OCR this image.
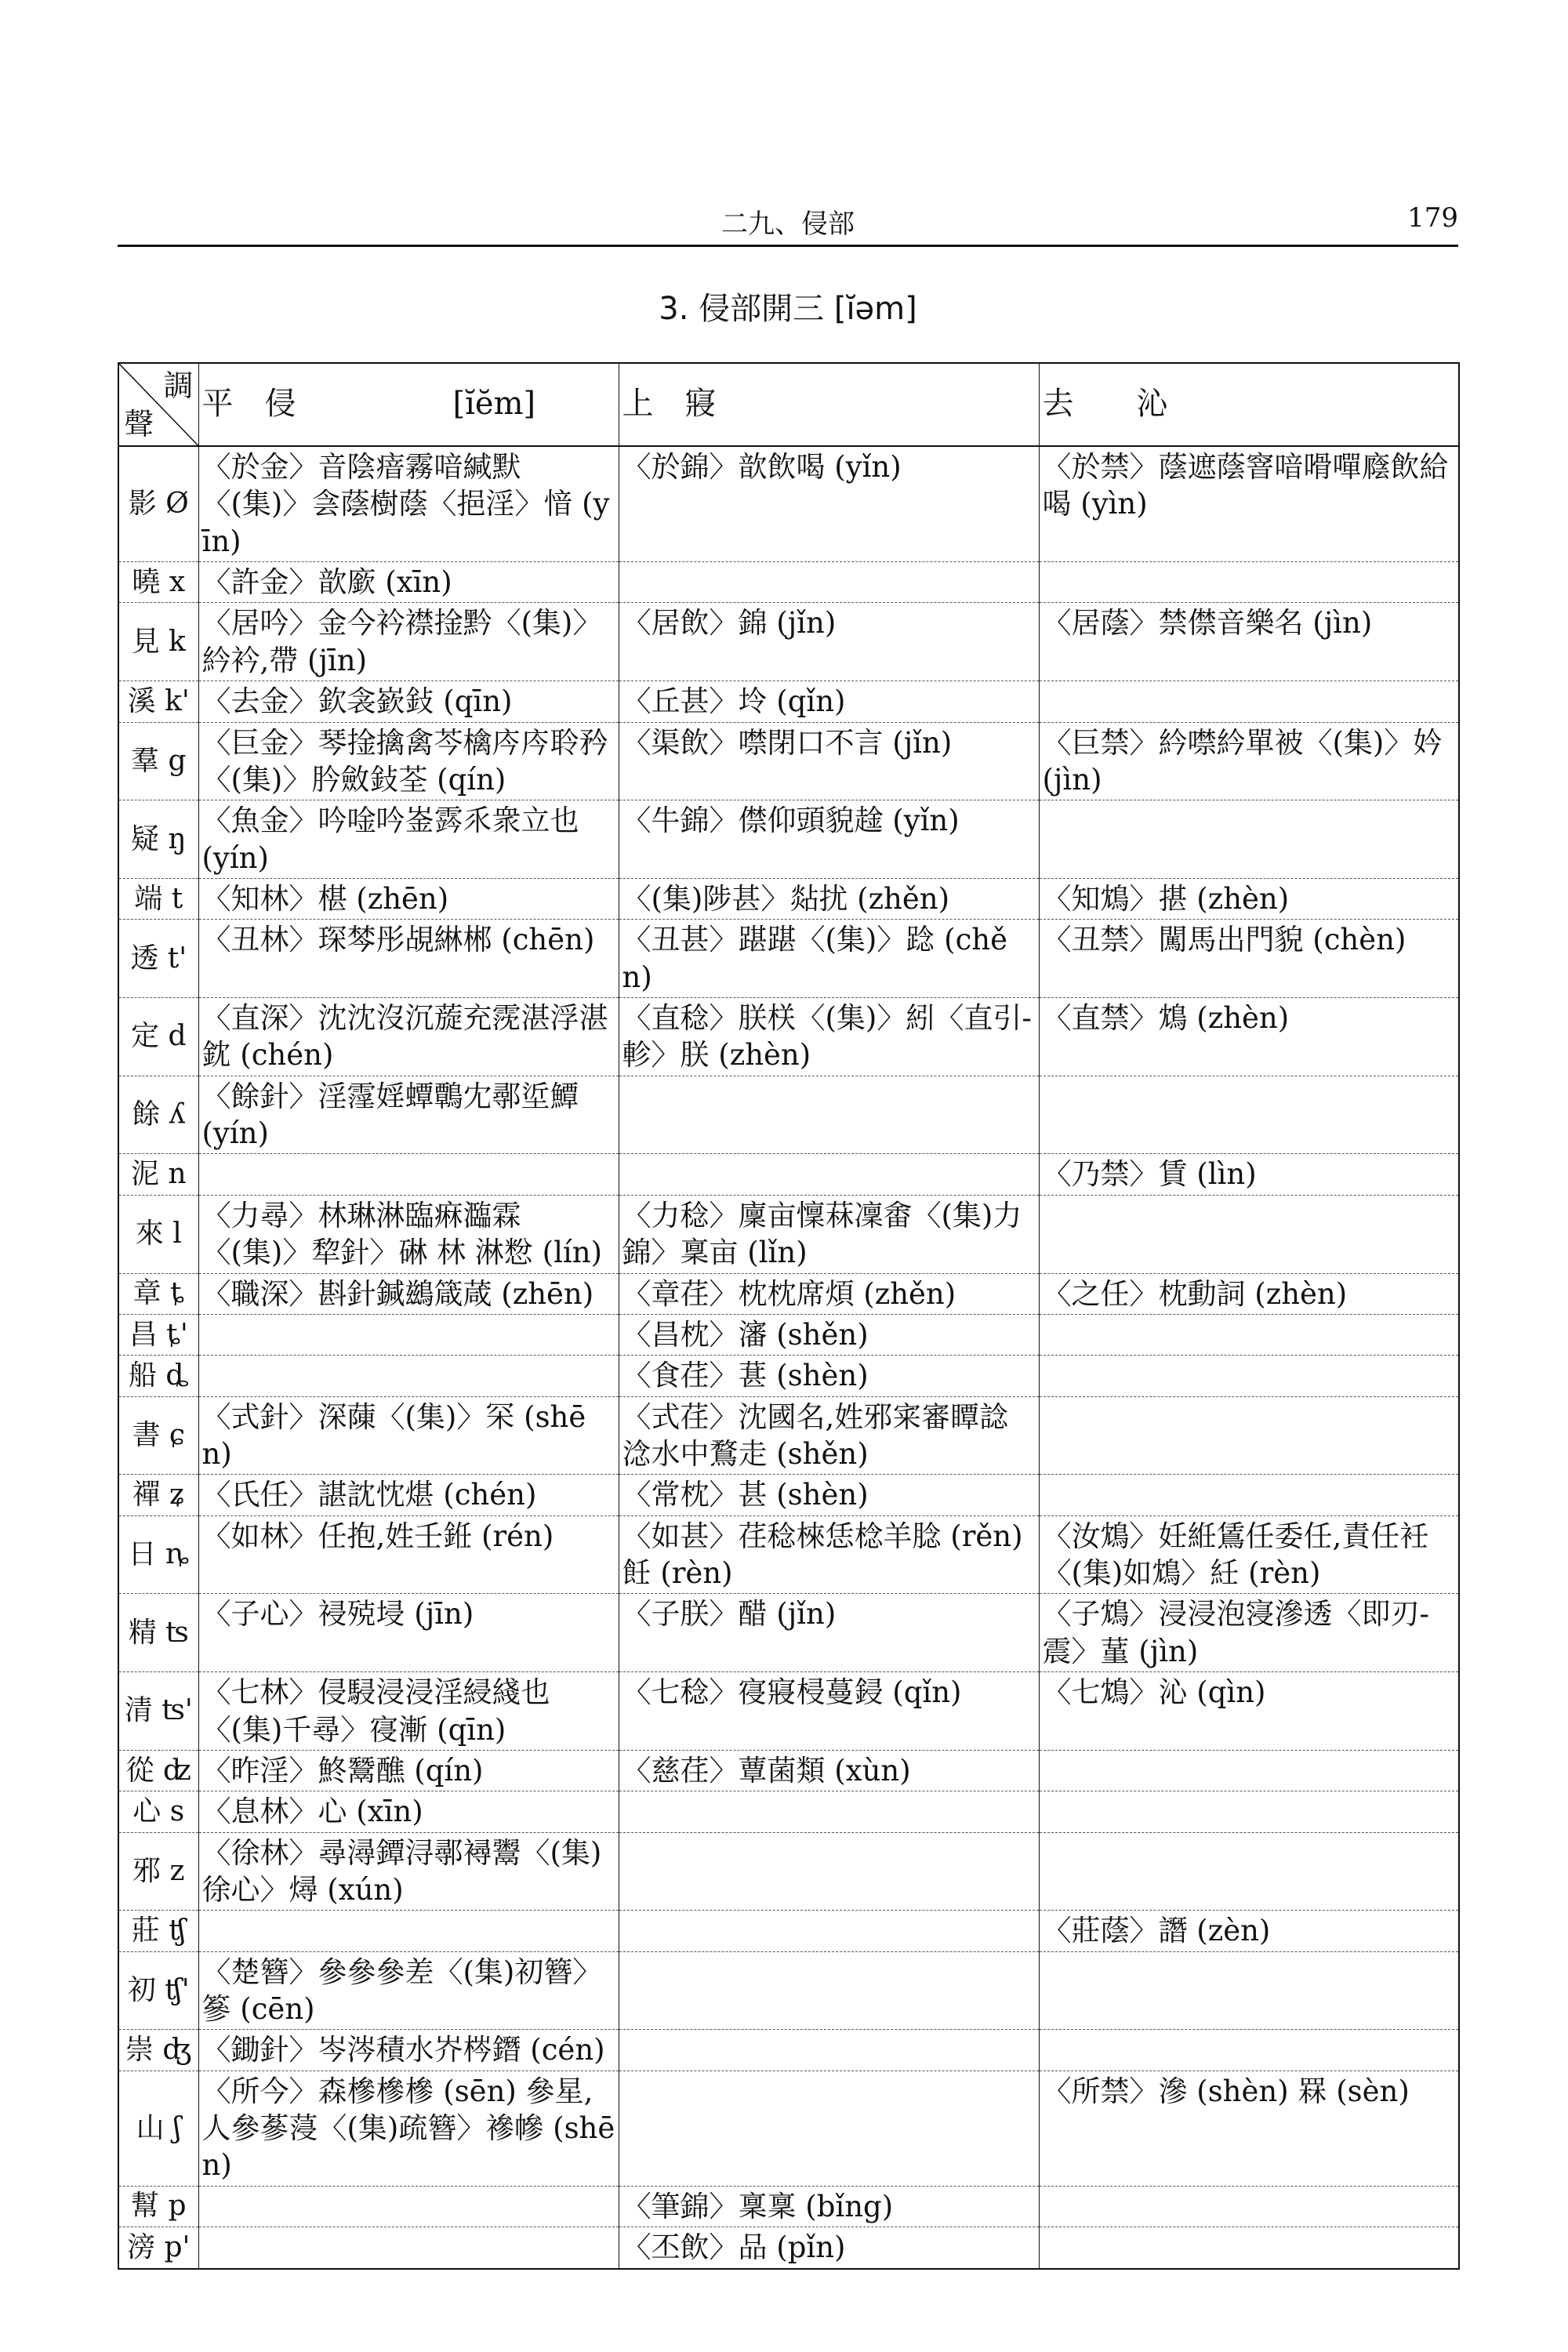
二九、侵部	179
3. 侵部開三 [ĭəm]
調
聲	平　侵　　　　　[ĭĕm]	上　寢	去　　沁
影 Ø	〈於金〉音陰瘖霧喑緘默〈(集)〉侌蔭樹蔭〈挹淫〉愔 (yīn)	〈於錦〉歆飲喝 (yǐn)	〈於禁〉蔭遮蔭窨喑嗗嘽廕飲給喝 (yìn)
曉 x	〈許金〉歆廞 (xīn)		
見 k	〈居吟〉金今衿襟捦黔〈(集)〉紟衿,帶 (jīn)	〈居飲〉錦 (jǐn)	〈居蔭〉禁僸音樂名 (jìn)
溪 k'	〈去金〉欽衾嶔鈙 (qīn)	〈丘甚〉坽 (qǐn)	
羣 g	〈巨金〉琴捦擒禽芩檎庈庈聆矜〈(集)〉肣斂鈙荃 (qín)	〈渠飲〉噤閉口不言 (jǐn)	〈巨禁〉紟噤紟單被〈(集)〉妗 (jìn)
疑 ŋ	〈魚金〉吟唫吟崟霠乑衆立也 (yín)	〈牛錦〉僸仰頭貌趛 (yǐn)	
端 t	〈知林〉椹 (zhēn)	〈(集)陟甚〉煔扰 (zhěn)	〈知鴆〉揕 (zhèn)
透 t'	〈丑林〉琛棽彤覘綝郴 (chēn)	〈丑甚〉踸踸〈(集)〉踗 (chěn)	〈丑禁〉闖馬出門貌 (chèn)
定 d	〈直深〉沈沈沒沉蔙充霃湛浮湛鈂 (chén)	〈直稔〉朕栚〈(集)〉紖〈直引-軫〉朕 (zhèn)	〈直禁〉鴆 (zhèn)
餘 ʎ	〈餘針〉淫霪婬蟫鷣冘鄩垽鱏 (yín)		
泥 n			〈乃禁〉賃 (lìn)
來 l	〈力尋〉林琳淋臨痳瀶霖〈(集)〉犂針〉碄 林 淋㥹 (lín)	〈力稔〉廩亩懍菻凜畬〈(集)力錦〉稟亩 (lǐn)	
章 ȶ	〈職深〉斟針鍼鷀箴葴 (zhēn)	〈章荏〉枕枕席煩 (zhěn)	〈之任〉枕動詞 (zhèn)
昌 ȶ'		〈昌枕〉瀋 (shěn)	
船 ȡ		〈食荏〉葚 (shèn)	
書 ɕ	〈式針〉深蔯〈(集)〉罙 (shēn)	〈式荏〉沈國名,姓邪宷審瞫諗淰水中鶩走 (shěn)	
禪 ʑ	〈氏任〉諶訦忱煁 (chén)	〈常枕〉甚 (shèn)	
日 ȵ	〈如林〉任抱,姓壬銋 (rén)	〈如甚〉荏稔棶恁棯羊腍 (rěn) 飪 (rèn)	〈汝鴆〉妊絍鵀任委任,責任衽〈(集)如鴆〉紝 (rèn)
精 ʦ	〈子心〉祲殑埐 (jīn)	〈子朕〉醋 (jǐn)	〈子鴆〉浸浸泡寖滲透〈即刃-震〉蓳 (jìn)
清 ʦ'	〈七林〉侵駸浸浸淫綅綫也〈(集)千尋〉寑漸 (qīn)	〈七稔〉寑寢梫蔓鋟 (qǐn)	〈七鴆〉沁 (qìn)
從 ʣ	〈昨淫〉鮗鬵醮 (qín)	〈慈荏〉蕈菌類 (xùn)	
心 s	〈息林〉心 (xīn)		
邪 z	〈徐林〉尋潯鐔浔鄩襑鬻〈(集)徐心〉燖 (xún)		
莊 ʧ			〈莊蔭〉譖 (zèn)
初 ʧ'	〈楚簪〉參參參差〈(集)初簪〉篸 (cēn)		
崇 ʤ	〈鋤針〉岑涔積水岕梣鐕 (cén)		
山 ʃ	〈所今〉森槮槮槮 (sēn) 參星,人參蔘蓡〈(集)疏簪〉襂幓 (shēn)		〈所禁〉滲 (shèn) 罧 (sèn)
幫 p		〈筆錦〉稟稟 (bǐng)	
滂 p'		〈丕飲〉品 (pǐn)	
